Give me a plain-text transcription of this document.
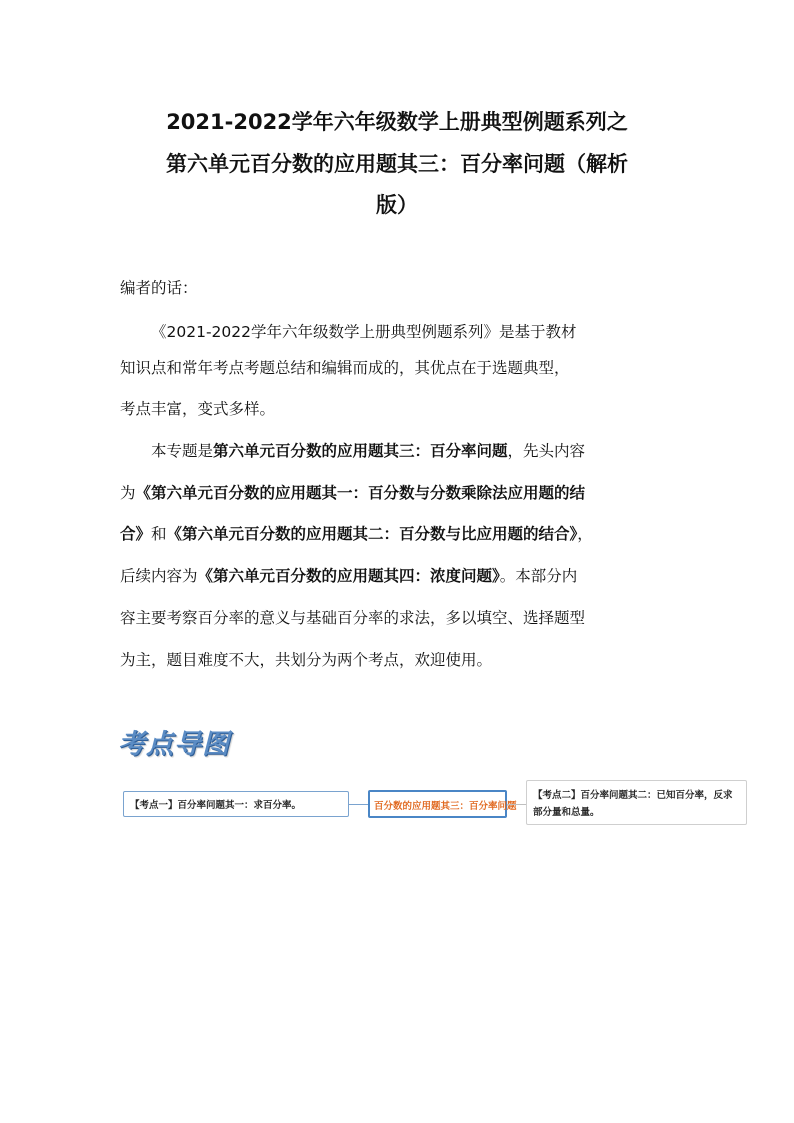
2021-2022学年六年级数学上册典型例题系列之
第六单元百分数的应用题其三：百分率问题（解析
版）
编者的话：
《2021-2022学年六年级数学上册典型例题系列》是基于教材
知识点和常年考点考题总结和编辑而成的，其优点在于选题典型，
考点丰富，变式多样。
本专题是第六单元百分数的应用题其三：百分率问题，先头内容
为《第六单元百分数的应用题其一：百分数与分数乘除法应用题的结
合》和《第六单元百分数的应用题其二：百分数与比应用题的结合》，
后续内容为《第六单元百分数的应用题其四：浓度问题》。本部分内
容主要考察百分率的意义与基础百分率的求法，多以填空、选择题型
为主，题目难度不大，共划分为两个考点，欢迎使用。
考点导图
【考点一】百分率问题其一：求百分率。	百分数的应用题其三：百分率问题
【考点二】百分率问题其二：已知百分率，反求部分量和总量。
